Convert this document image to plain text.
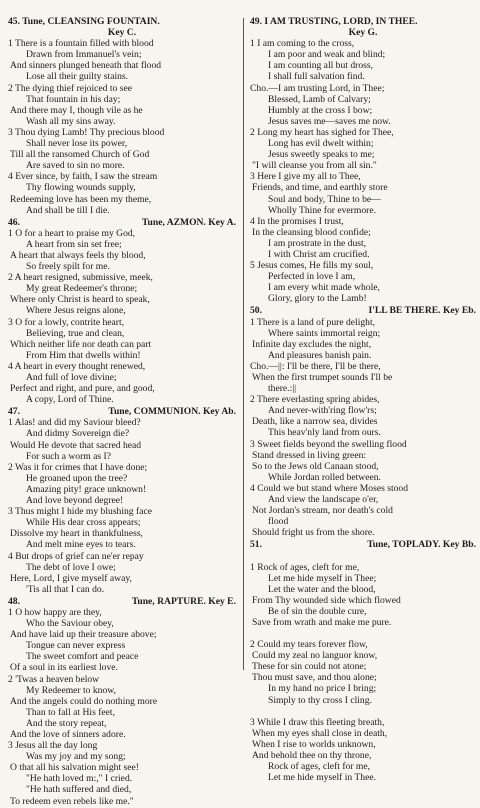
45. Tune, CLEANSING FOUNTAIN.
Key C.
1 There is a fountain filled with blood
Drawn from Immanuel's vein;
And sinners plunged beneath that flood
Lose all their guilty stains.
2 The dying thief rejoiced to see
That fountain in his day;
And there may I, though vile as he
Wash all my sins away.
3 Thou dying Lamb! Thy precious blood
Shall never lose its power,
Till all the ransomed Church of God
Are saved to sin no more.
4 Ever since, by faith, I saw the stream
Thy flowing wounds supply,
Redeeming love has been my theme,
And shall be till I die.
46.	Tune, AZMON. Key A.
1 O for a heart to praise my God,
A heart from sin set free;
A heart that always feels thy blood,
So freely spilt for me.
2 A heart resigned, submissive, meek,
My great Redeemer's throne;
Where only Christ is heard to speak,
Where Jesus reigns alone,
3 O for a lowly, contrite heart,
Believing, true and clean,
Which neither life nor death can part
From Him that dwells within!
4 A heart in every thought renewed,
And full of love divine;
Perfect and right, and pure, and good,
A copy, Lord of Thine.
47.	Tune, COMMUNION. Key Ab.
1 Alas! and did my Saviour bleed?
And didmy Sovereign die?
Would He devote that sacred head
For such a worm as I?
2 Was it for crimes that I have done;
He groaned upon the tree?
Amazing pity! grace unknown!
And love beyond degree!
3 Thus might I hide my blushing face
While His dear cross appears;
Dissolve my heart in thankfulness,
And melt mine eyes to tears.
4 But drops of grief can ne'er repay
The debt of love I owe;
Here, Lord, I give myself away,
'Tis all that I can do.
48.	Tune, RAPTURE. Key E.
1 O how happy are they,
Who the Saviour obey,
And have laid up their treasure above;
Tongue can never express
The sweet comfort and peace
Of a soul in its earliest love.
2 'Twas a heaven below
My Redeemer to know,
And the angels could do nothing more
Than to fall at His feet,
And the story repeat,
And the love of sinners adore.
3 Jesus all the day long
Was my joy and my song;
O that all his salvation might see!
"He hath loved m:," I cried.
"He hath suffered and died,
To redeem even rebels like me."
49. I AM TRUSTING, LORD, IN THEE.
Key G.
1 I am coming to the cross,
I am poor and weak and blind;
I am counting all but dross,
I shall full salvation find.
Cho.—I am trusting Lord, in Thee;
Blessed, Lamb of Calvary;
Humbly at the cross I bow;
Jesus saves me—saves me now.
2 Long my heart has sighed for Thee,
Long has evil dwelt within;
Jesus sweetly speaks to me;
"I will cleanse you from all sin."
3 Here I give my all to Thee,
Friends, and time, and earthly store
Soul and body, Thine to be—
Wholly Thine for evermore.
4 In the promises I trust,
In the cleansing blood confide;
I am prostrate in the dust,
I with Christ am crucified.
5 Jesus comes, He fills my soul,
Perfected in love I am,
I am every whit made whole,
Glory, glory to the Lamb!
50.	I'LL BE THERE. Key Eb.
1 There is a land of pure delight,
Where saints immortal reign;
Infinite day excludes the night,
And pleasures banish pain.
Cho.—||: I'll be there, I'll be there,
When the first trumpet sounds I'll be
there.:||
2 There everlasting spring abides,
And never-with'ring flow'rs;
Death, like a narrow sea, divides
This heav'nly land from ours.
3 Sweet fields beyond the swelling flood
Stand dressed in living green:
So to the Jews old Canaan stood,
While Jordan rolled between.
4 Could we but stand where Moses stood
And view the landscape o'er,
Not Jordan's stream, nor death's cold
flood
Should fright us from the shore.
51.	Tune, TOPLADY. Key Bb.
1 Rock of ages, cleft for me,
Let me hide myself in Thee;
Let the water and the blood,
From Thy wounded side which flowed
Be of sin the double cure,
Save from wrath and make me pure.
2 Could my tears forever flow,
Could my zeal no languor know,
These for sin could not atone;
Thou must save, and thou alone;
In my hand no price I bring;
Simply to thy cross I cling.
3 While I draw this fleeting breath,
When my eyes shall close in death,
When I rise to worlds unknown,
And behold thee on thy throne,
Rock of ages, cleft for me,
Let me hide myself in Thee.
